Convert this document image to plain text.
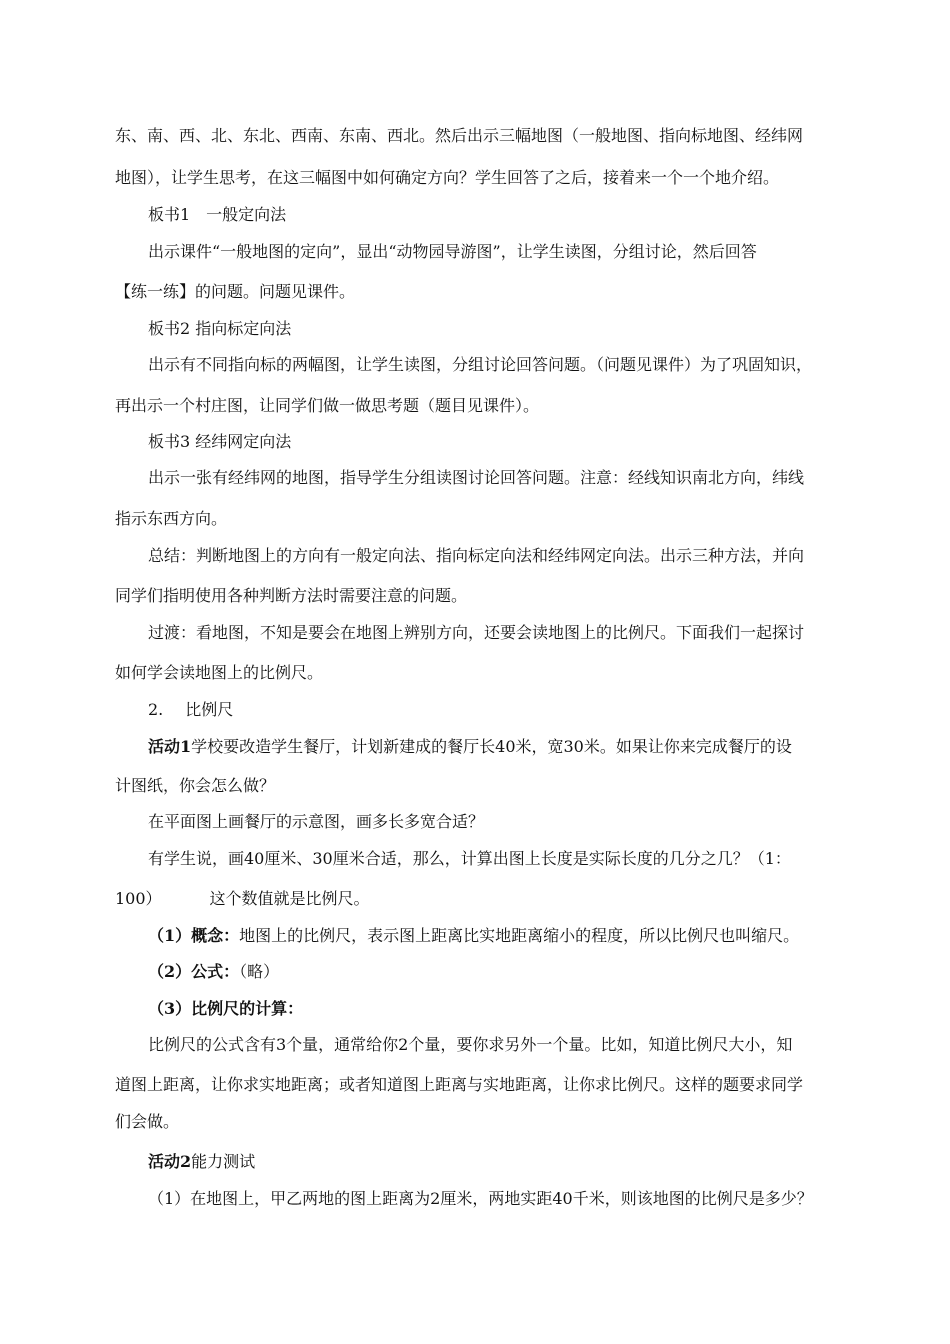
东、南、西、北、东北、西南、东南、西北。然后出示三幅地图（一般地图、指向标地图、经纬网
地图），让学生思考，在这三幅图中如何确定方向？学生回答了之后，接着来一个一个地介绍。
板书1　一般定向法
出示课件“一般地图的定向”，显出“动物园导游图”，让学生读图，分组讨论，然后回答
【练一练】的问题。问题见课件。
板书2 指向标定向法
出示有不同指向标的两幅图，让学生读图，分组讨论回答问题。（问题见课件）为了巩固知识，
再出示一个村庄图，让同学们做一做思考题（题目见课件）。
板书3 经纬网定向法
出示一张有经纬网的地图，指导学生分组读图讨论回答问题。注意：经线知识南北方向，纬线
指示东西方向。
总结：判断地图上的方向有一般定向法、指向标定向法和经纬网定向法。出示三种方法，并向
同学们指明使用各种判断方法时需要注意的问题。
过渡：看地图，不知是要会在地图上辨别方向，还要会读地图上的比例尺。下面我们一起探讨
如何学会读地图上的比例尺。
2. 比例尺
活动1学校要改造学生餐厅，计划新建成的餐厅长40米，宽30米。如果让你来完成餐厅的设
计图纸，你会怎么做？
在平面图上画餐厅的示意图，画多长多宽合适？
有学生说，画40厘米、30厘米合适，那么，计算出图上长度是实际长度的几分之几？（1：
100）	这个数值就是比例尺。
（1）概念：地图上的比例尺，表示图上距离比实地距离缩小的程度，所以比例尺也叫缩尺。
（2）公式：（略）
（3）比例尺的计算：
比例尺的公式含有3个量，通常给你2个量，要你求另外一个量。比如，知道比例尺大小，知
道图上距离，让你求实地距离；或者知道图上距离与实地距离，让你求比例尺。这样的题要求同学
们会做。
活动2能力测试
（1）在地图上，甲乙两地的图上距离为2厘米，两地实距40千米，则该地图的比例尺是多少？
